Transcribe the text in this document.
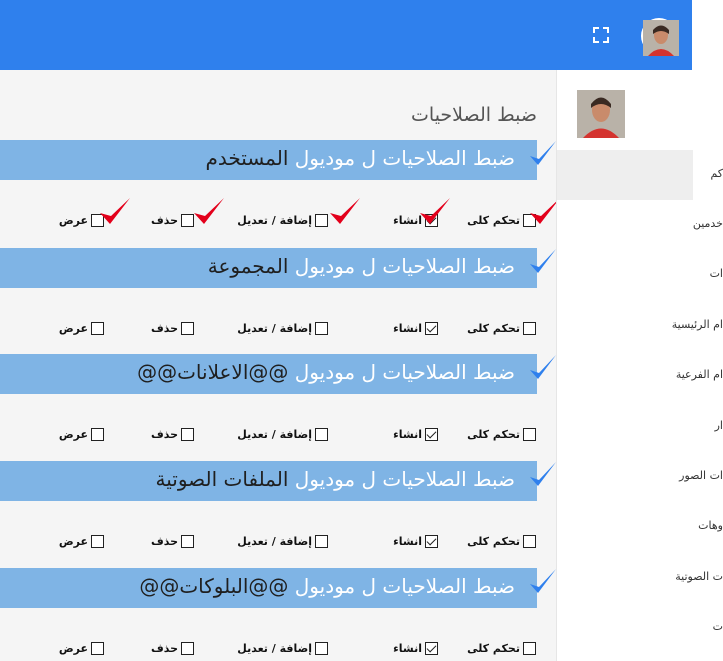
ضبط الصلاحيات
ضبط الصلاحيات ل موديول المستخدم
تحكم كلى
انشاء
إضافة / تعديل
حذف
عرض
ضبط الصلاحيات ل موديول المجموعة
تحكم كلى
انشاء
إضافة / تعديل
حذف
عرض
ضبط الصلاحيات ل موديول @@الاعلانات@@
تحكم كلى
انشاء
إضافة / تعديل
حذف
عرض
ضبط الصلاحيات ل موديول الملفات الصوتية
تحكم كلى
انشاء
إضافة / تعديل
حذف
عرض
ضبط الصلاحيات ل موديول @@البلوكات@@
تحكم كلى
انشاء
إضافة / تعديل
حذف
عرض
كم
خدمين
ات
ام الرئيسية
ام الفرعية
ار
ات الصور
وهات
ت الصوتية
ت
